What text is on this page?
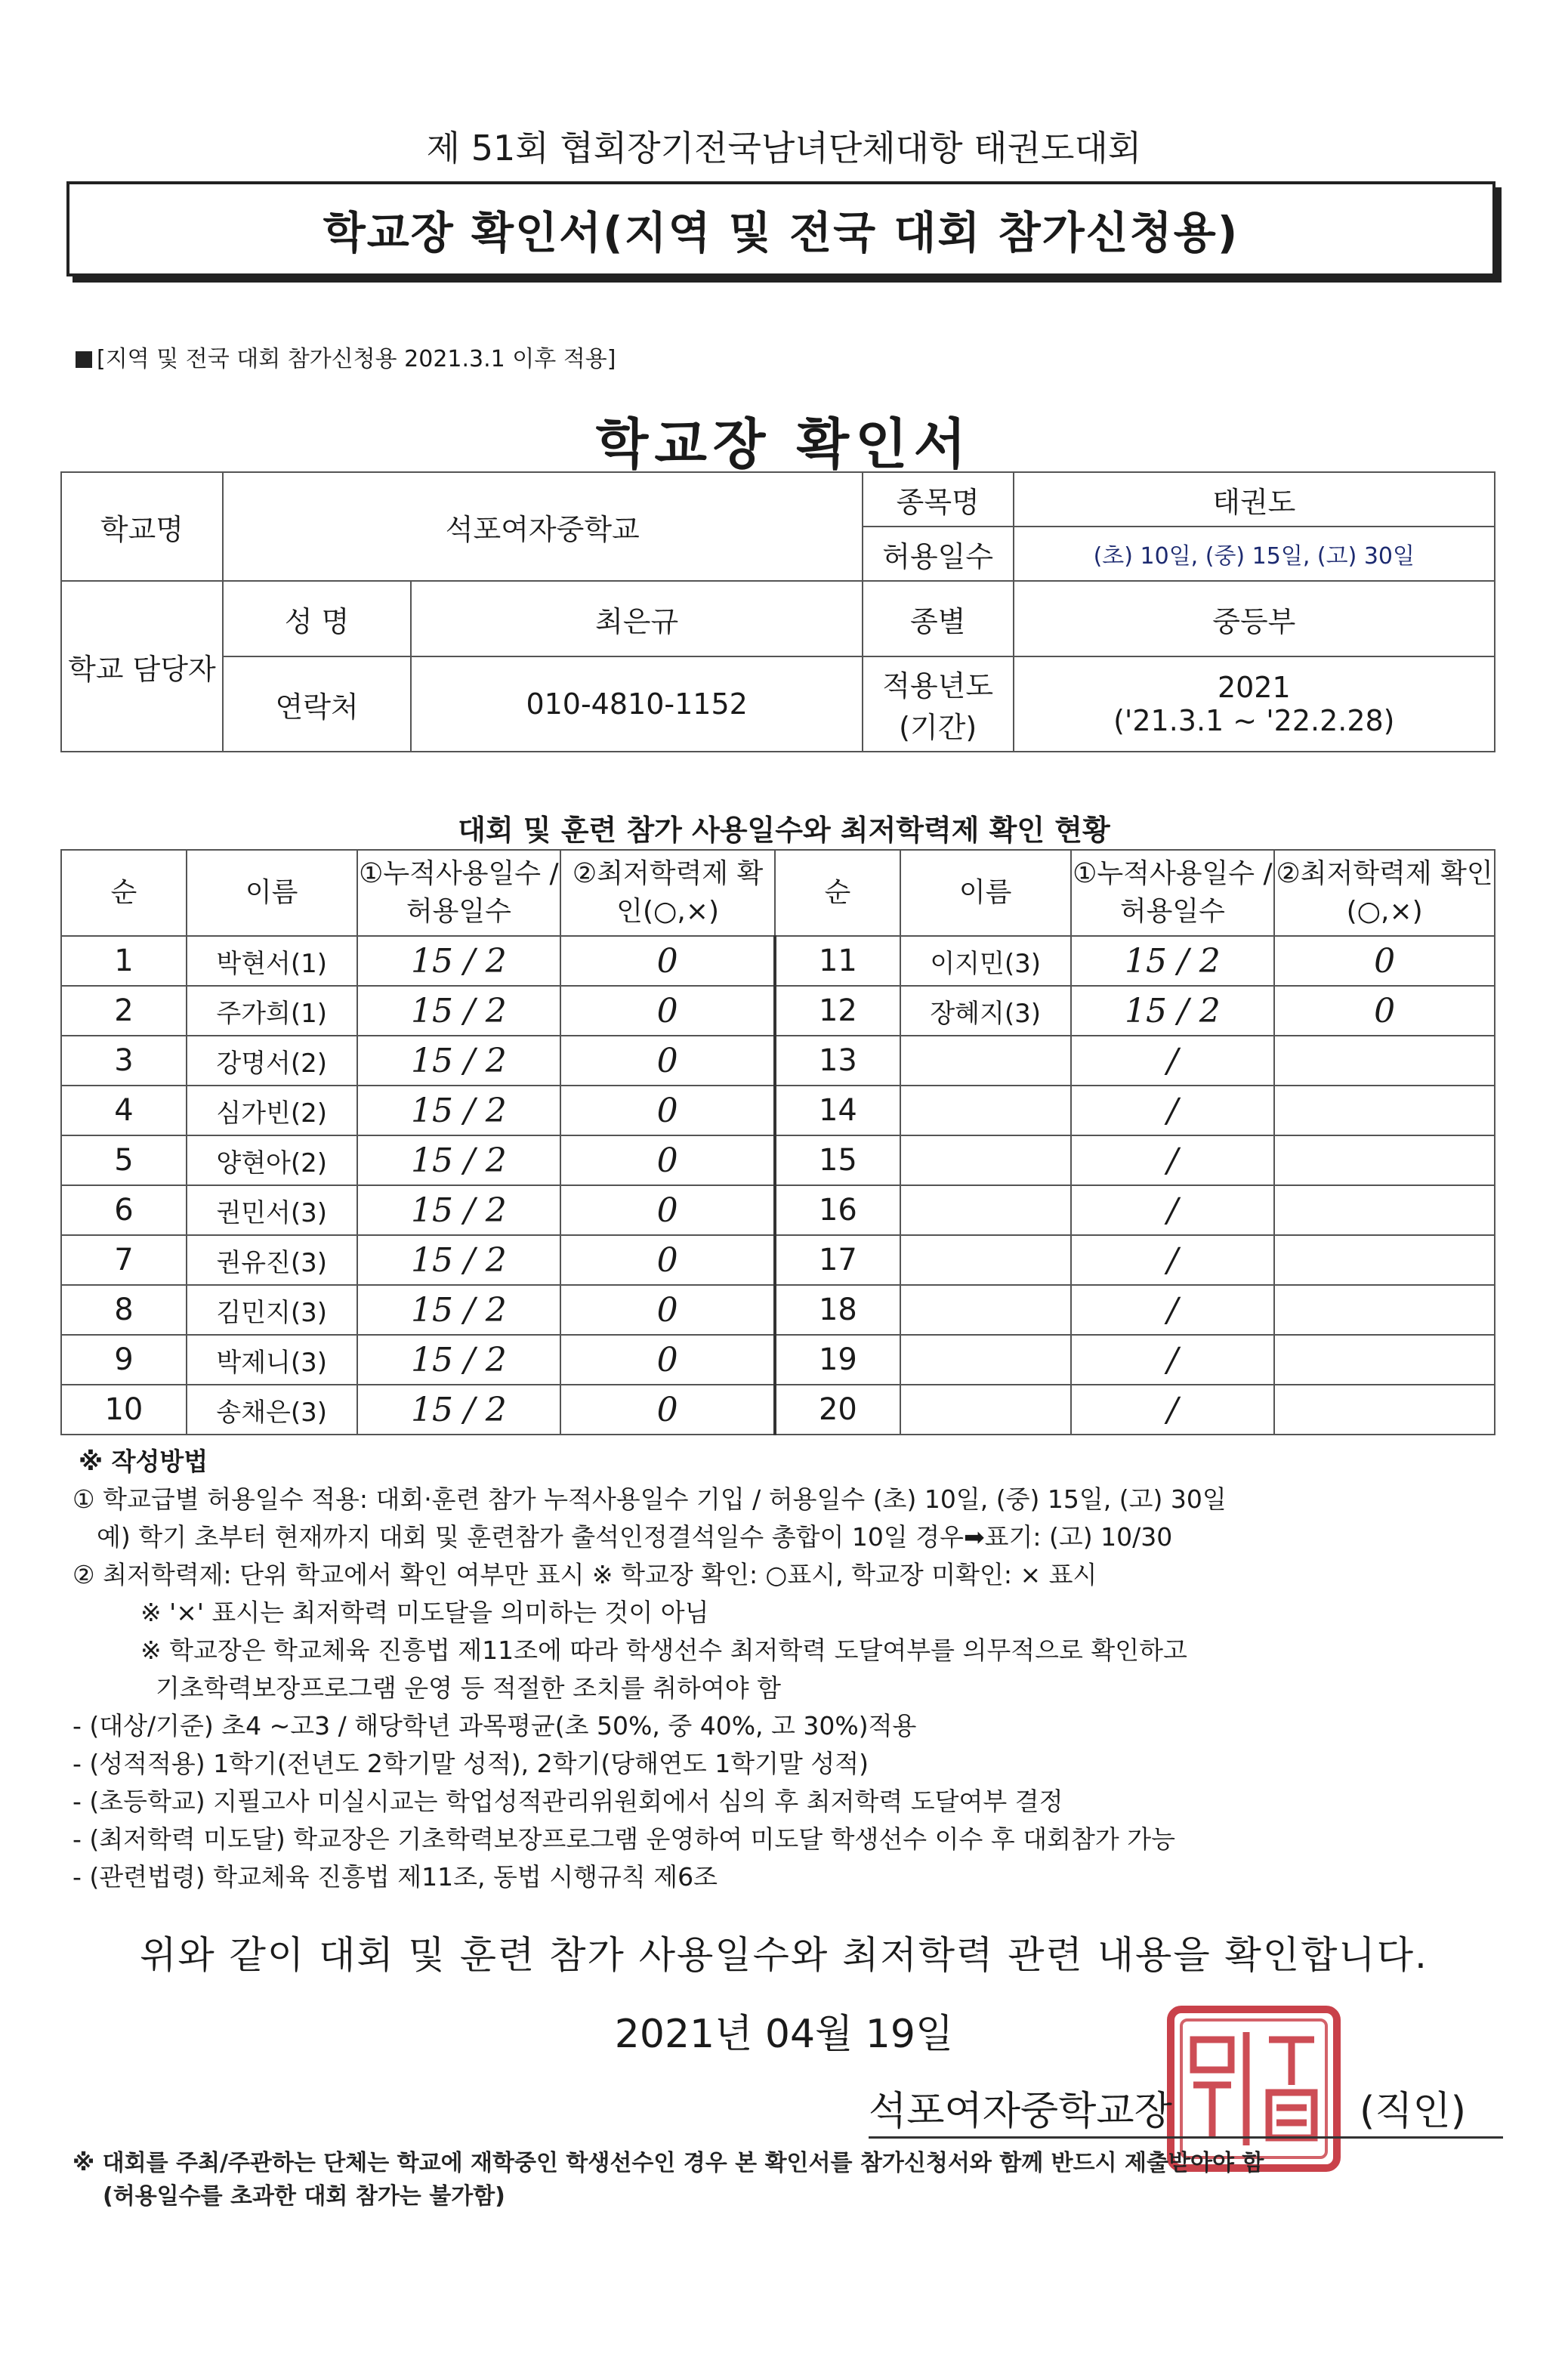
제 51회 협회장기전국남녀단체대항 태권도대회
학교장 확인서(지역 및 전국 대회 참가신청용)
[지역 및 전국 대회 참가신청용 2021.3.1 이후 적용]
학교장 확인서
학교명	석포여자중학교		종목명	태권도
			허용일수	(초) 10일, (중) 15일, (고) 30일
학교 담당자	성 명	최은규	종별	중등부
	연락처	010-4810-1152	적용년도 (기간)	2021
('21.3.1 ~ '22.2.28)
대회 및 훈련 참가 사용일수와 최저학력제 확인 현황
순	이름	①누적사용일수 /허용일수	②최저학력제 확인(○,×)	순	이름	①누적사용일수 /허용일수	②최저학력제 확인(○,×)
1	박현서(1)	15 / 2	0	11	이지민(3)	15 / 2	0
2	주가희(1)	15 / 2	0	12	장혜지(3)	15 / 2	0
3	강명서(2)	15 / 2	0	13		/	
4	심가빈(2)	15 / 2	0	14		/	
5	양현아(2)	15 / 2	0	15		/	
6	권민서(3)	15 / 2	0	16		/	
7	권유진(3)	15 / 2	0	17		/	
8	김민지(3)	15 / 2	0	18		/	
9	박제니(3)	15 / 2	0	19		/	
10	송채은(3)	15 / 2	0	20		/	
※ 작성방법
① 학교급별 허용일수 적용: 대회·훈련 참가 누적사용일수 기입 / 허용일수 (초) 10일, (중) 15일, (고) 30일
예) 학기 초부터 현재까지 대회 및 훈련참가 출석인정결석일수 총합이 10일 경우➡표기: (고) 10/30
② 최저학력제: 단위 학교에서 확인 여부만 표시 ※ 학교장 확인: ○표시, 학교장 미확인: × 표시
※ '×' 표시는 최저학력 미도달을 의미하는 것이 아님
※ 학교장은 학교체육 진흥법 제11조에 따라 학생선수 최저학력 도달여부를 의무적으로 확인하고
기초학력보장프로그램 운영 등 적절한 조치를 취하여야 함
- (대상/기준) 초4 ~고3 / 해당학년 과목평균(초 50%, 중 40%, 고 30%)적용
- (성적적용) 1학기(전년도 2학기말 성적), 2학기(당해연도 1학기말 성적)
- (초등학교) 지필고사 미실시교는 학업성적관리위원회에서 심의 후 최저학력 도달여부 결정
- (최저학력 미도달) 학교장은 기초학력보장프로그램 운영하여 미도달 학생선수 이수 후 대회참가 가능
- (관련법령) 학교체육 진흥법 제11조, 동법 시행규칙 제6조
위와 같이 대회 및 훈련 참가 사용일수와 최저학력 관련 내용을 확인합니다.
2021년 04월 19일
석포여자중학교장	(직인)
※ 대회를 주최/주관하는 단체는 학교에 재학중인 학생선수인 경우 본 확인서를 참가신청서와 함께 반드시 제출받아야 함
(허용일수를 초과한 대회 참가는 불가함)
